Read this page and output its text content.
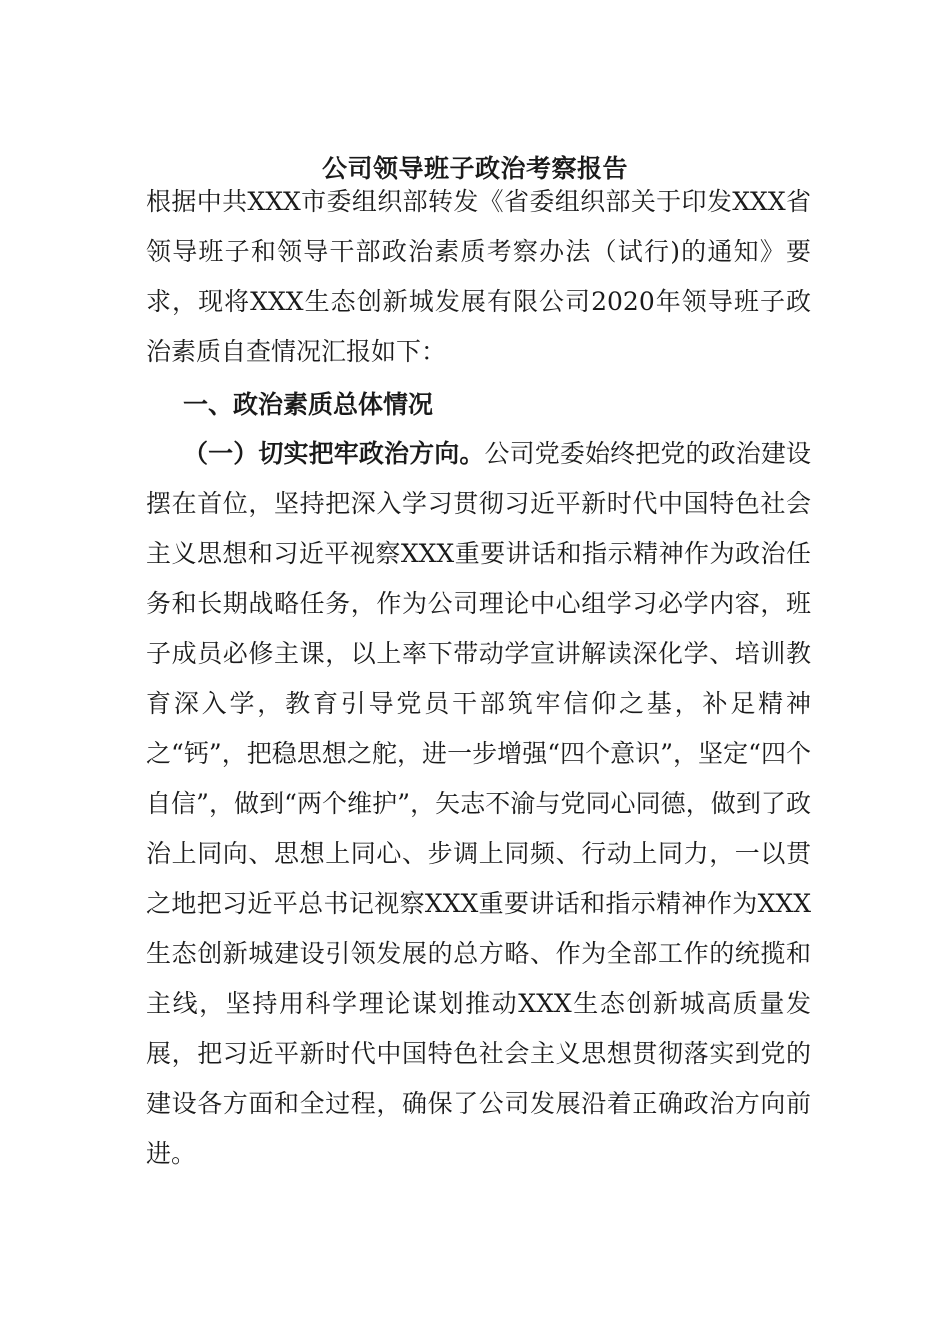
公司领导班子政治考察报告

根据中共XXX市委组织部转发《省委组织部关于印发XXX省领导班子和领导干部政治素质考察办法（试行)的通知》要求，现将XXX生态创新城发展有限公司2020年领导班子政治素质自查情况汇报如下：

一、政治素质总体情况

（一）切实把牢政治方向。公司党委始终把党的政治建设摆在首位，坚持把深入学习贯彻习近平新时代中国特色社会主义思想和习近平视察XXX重要讲话和指示精神作为政治任务和长期战略任务，作为公司理论中心组学习必学内容，班子成员必修主课，以上率下带动学宣讲解读深化学、培训教育深入学，教育引导党员干部筑牢信仰之基，补足精神之“钙”，把稳思想之舵，进一步增强“四个意识”，坚定“四个自信”，做到“两个维护”，矢志不渝与党同心同德，做到了政治上同向、思想上同心、步调上同频、行动上同力，一以贯之地把习近平总书记视察XXX重要讲话和指示精神作为XXX生态创新城建设引领发展的总方略、作为全部工作的统揽和主线，坚持用科学理论谋划推动XXX生态创新城高质量发展，把习近平新时代中国特色社会主义思想贯彻落实到党的建设各方面和全过程，确保了公司发展沿着正确政治方向前进。
